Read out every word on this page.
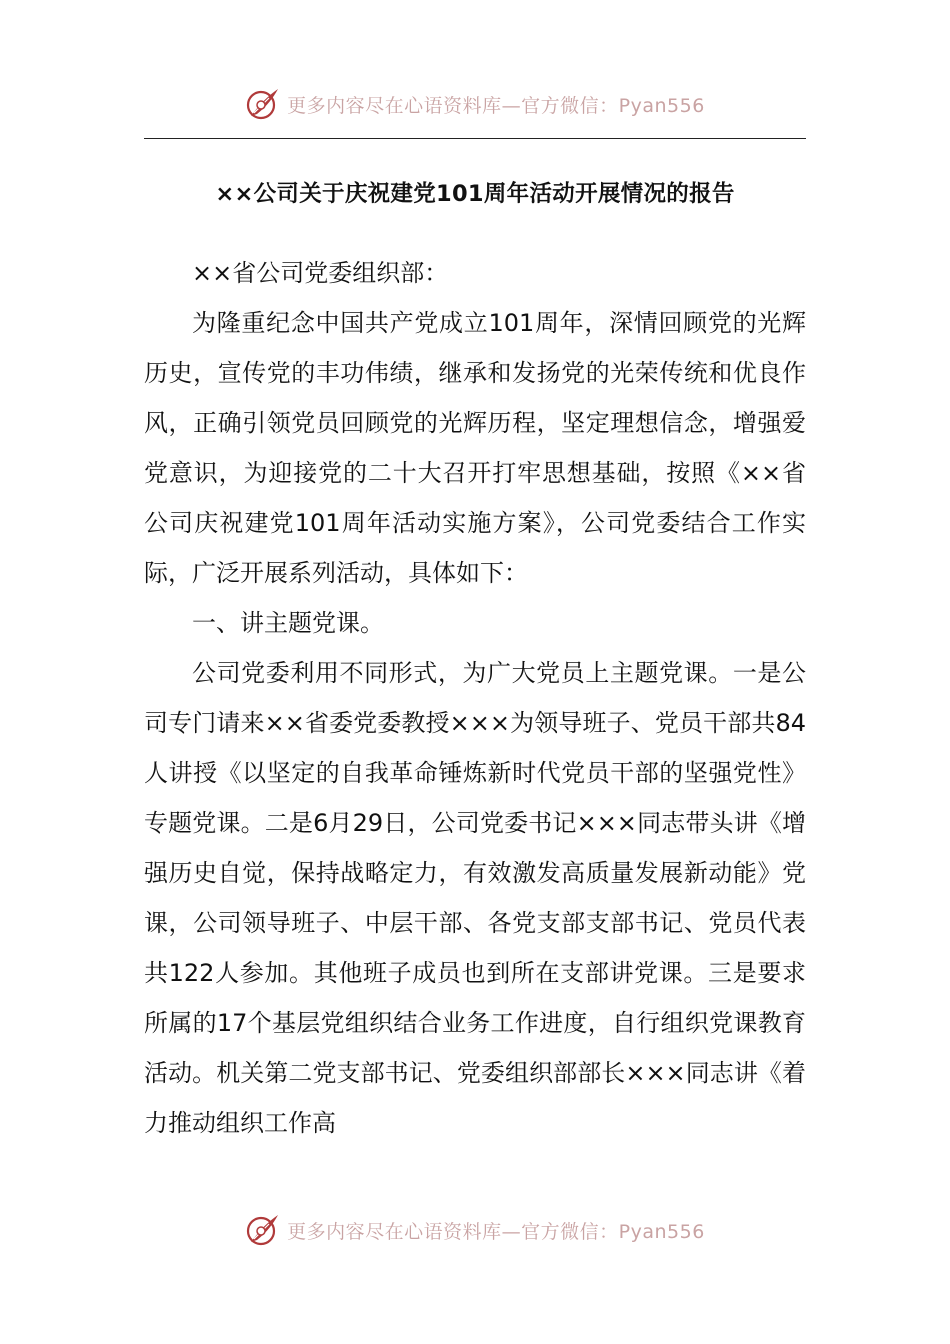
更多内容尽在心语资料库—官方微信：Pyan556
××公司关于庆祝建党101周年活动开展情况的报告

××省公司党委组织部：

为隆重纪念中国共产党成立101周年，深情回顾党的光辉历史，宣传党的丰功伟绩，继承和发扬党的光荣传统和优良作风，正确引领党员回顾党的光辉历程，坚定理想信念，增强爱党意识，为迎接党的二十大召开打牢思想基础，按照《××省公司庆祝建党101周年活动实施方案》，公司党委结合工作实际，广泛开展系列活动，具体如下：

一、讲主题党课。

公司党委利用不同形式，为广大党员上主题党课。一是公司专门请来××省委党委教授×××为领导班子、党员干部共84人讲授《以坚定的自我革命锤炼新时代党员干部的坚强党性》专题党课。二是6月29日，公司党委书记×××同志带头讲《增强历史自觉，保持战略定力，有效激发高质量发展新动能》党课，公司领导班子、中层干部、各党支部支部书记、党员代表共122人参加。其他班子成员也到所在支部讲党课。三是要求所属的17个基层党组织结合业务工作进度，自行组织党课教育活动。机关第二党支部书记、党委组织部部长×××同志讲《着力推动组织工作高

更多内容尽在心语资料库—官方微信：Pyan556
